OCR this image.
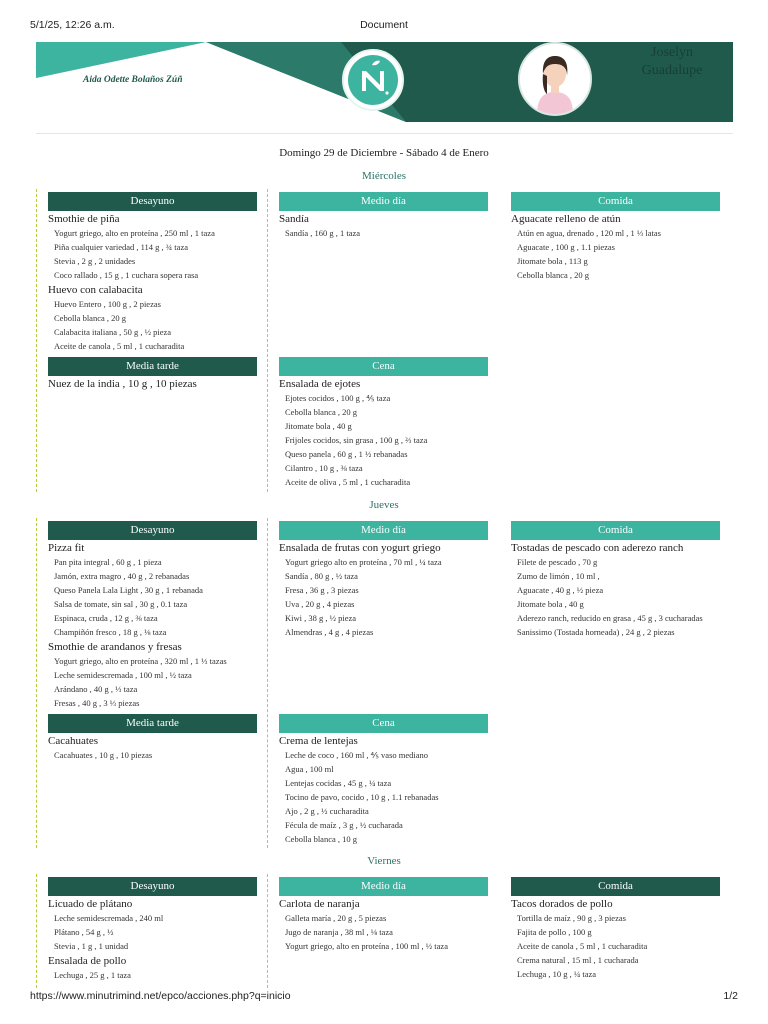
5/1/25, 12:26 a.m.	Document
Aida Odette Bolaños Zúñ
Joselyn
Guadalupe
Domingo 29 de Diciembre - Sábado 4 de Enero
Miércoles
Desayuno
Smothie de piña
Yogurt griego, alto en proteína , 250 ml , 1 taza
Piña cualquier variedad , 114 g , ¾ taza
Stevia , 2 g , 2 unidades
Coco rallado , 15 g , 1 cuchara sopera rasa
Huevo con calabacita
Huevo Entero , 100 g , 2 piezas
Cebolla blanca , 20 g
Calabacita italiana , 50 g , ½ pieza
Aceite de canola , 5 ml , 1 cucharadita
Medio día
Sandía
Sandía , 160 g , 1 taza
Comida
Aguacate relleno de atún
Atún en agua, drenado , 120 ml , 1 ⅓ latas
Aguacate , 100 g , 1.1 piezas
Jitomate bola , 113 g
Cebolla blanca , 20 g
Media tarde
Nuez de la india , 10 g , 10 piezas
Cena
Ensalada de ejotes
Ejotes cocidos , 100 g , ⅘ taza
Cebolla blanca , 20 g
Jitomate bola , 40 g
Frijoles cocidos, sin grasa , 100 g , ⅔ taza
Queso panela , 60 g , 1 ½ rebanadas
Cilantro , 10 g , ⅜ taza
Aceite de oliva , 5 ml , 1 cucharadita
Jueves
Desayuno
Pizza fit
Pan pita integral , 60 g , 1 pieza
Jamón, extra magro , 40 g , 2 rebanadas
Queso Panela Lala Light , 30 g , 1 rebanada
Salsa de tomate, sin sal , 30 g , 0.1 taza
Espinaca, cruda , 12 g , ⅜ taza
Champiñón fresco , 18 g , ⅛ taza
Smothie de arandanos y fresas
Yogurt griego, alto en proteína , 320 ml , 1 ⅓ tazas
Leche semidescremada , 100 ml , ½ taza
Arándano , 40 g , ⅓ taza
Fresas , 40 g , 3 ⅓ piezas
Medio día
Ensalada de frutas con yogurt griego
Yogurt griego alto en proteína , 70 ml , ¼ taza
Sandía , 80 g , ½ taza
Fresa , 36 g , 3 piezas
Uva , 20 g , 4 piezas
Kiwi , 38 g , ½ pieza
Almendras , 4 g , 4 piezas
Comida
Tostadas de pescado con aderezo ranch
Filete de pescado , 70 g
Zumo de limón , 10 ml ,
Aguacate , 40 g , ½ pieza
Jitomate bola , 40 g
Aderezo ranch, reducido en grasa , 45 g , 3 cucharadas
Sanissimo (Tostada horneada) , 24 g , 2 piezas
Media tarde
Cacahuates
Cacahuates , 10 g , 10 piezas
Cena
Crema de lentejas
Leche de coco , 160 ml , ⅘ vaso mediano
Agua , 100 ml
Lentejas cocidas , 45 g , ¼ taza
Tocino de pavo, cocido , 10 g , 1.1 rebanadas
Ajo , 2 g , ½ cucharadita
Fécula de maíz , 3 g , ½ cucharada
Cebolla blanca , 10 g
Viernes
Desayuno
Licuado de plátano
Leche semidescremada , 240 ml
Plátano , 54 g , ½
Stevia , 1 g , 1 unidad
Ensalada de pollo
Lechuga , 25 g , 1 taza
Medio día
Carlota de naranja
Galleta maría , 20 g , 5 piezas
Jugo de naranja , 38 ml , ⅛ taza
Yogurt griego, alto en proteína , 100 ml , ½ taza
Comida
Tacos dorados de pollo
Tortilla de maíz , 90 g , 3 piezas
Fajita de pollo , 100 g
Aceite de canola , 5 ml , 1 cucharadita
Crema natural , 15 ml , 1 cucharada
Lechuga , 10 g , ¼ taza
https://www.minutrimind.net/epco/acciones.php?q=inicio	1/2
